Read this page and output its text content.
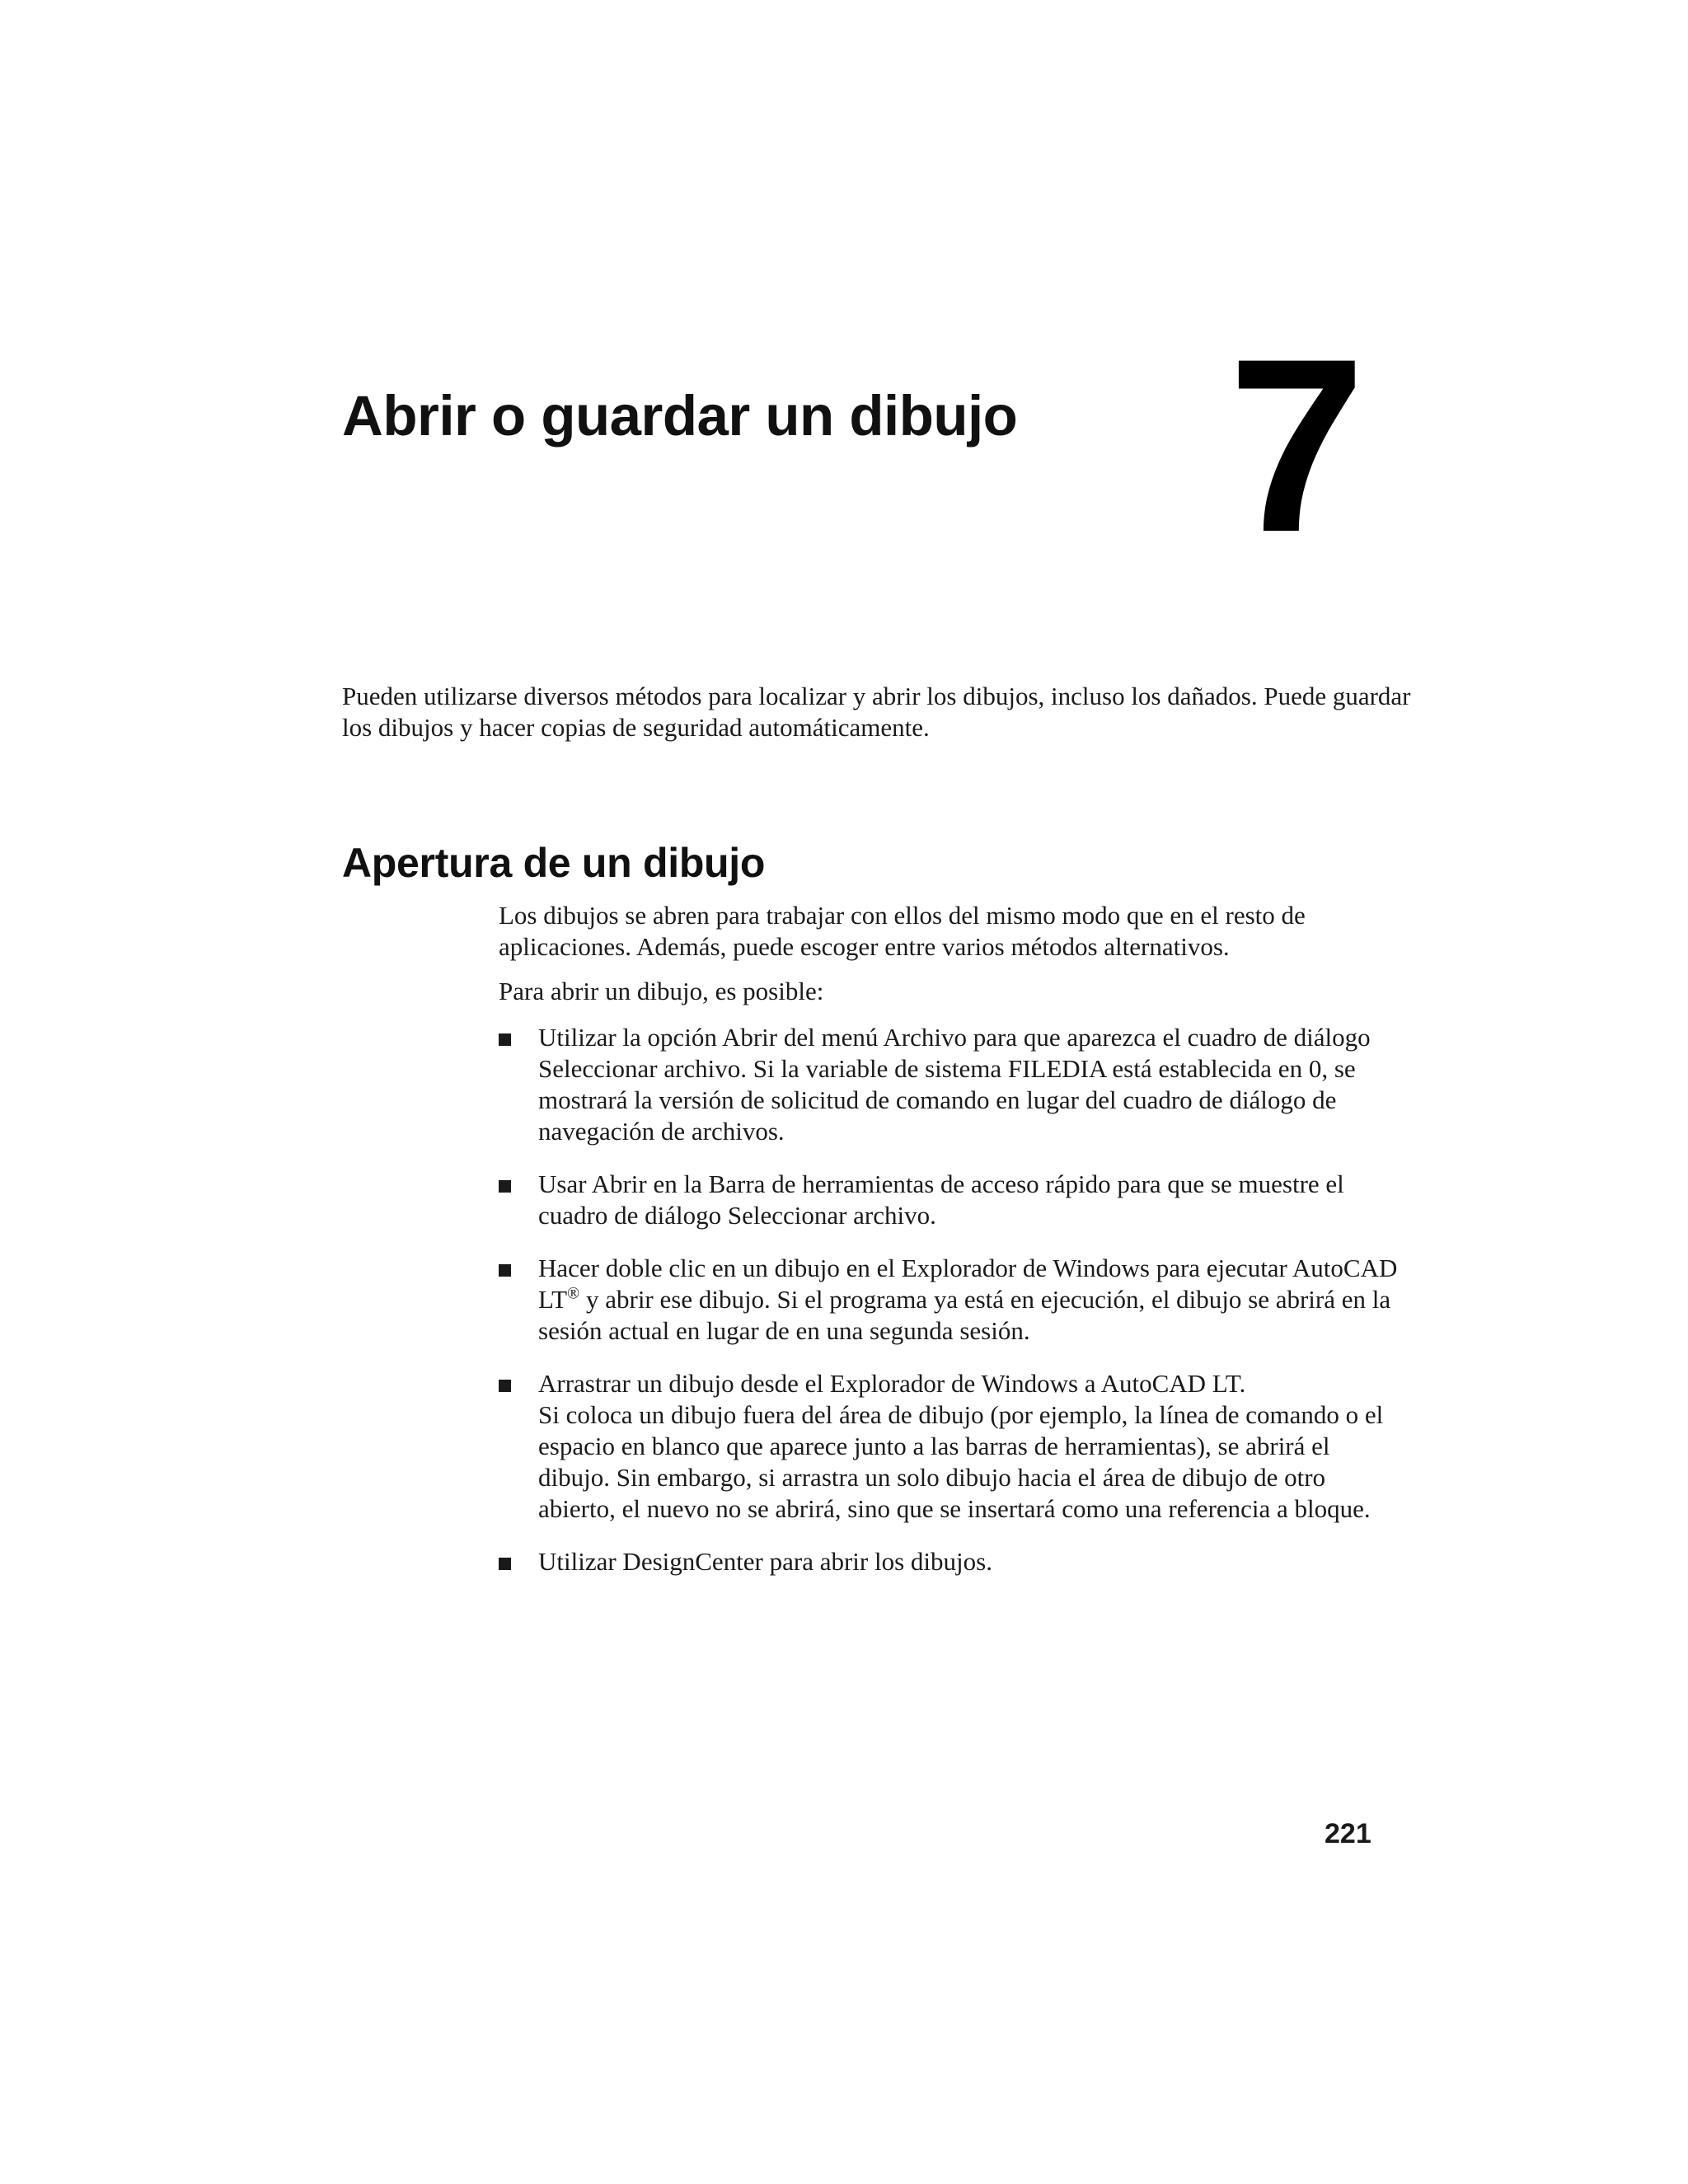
Abrir o guardar un dibujo 7

Pueden utilizarse diversos métodos para localizar y abrir los dibujos, incluso los dañados. Puede guardar los dibujos y hacer copias de seguridad automáticamente.

Apertura de un dibujo

Los dibujos se abren para trabajar con ellos del mismo modo que en el resto de aplicaciones. Además, puede escoger entre varios métodos alternativos.

Para abrir un dibujo, es posible:

Utilizar la opción Abrir del menú Archivo para que aparezca el cuadro de diálogo Seleccionar archivo. Si la variable de sistema FILEDIA está establecida en 0, se mostrará la versión de solicitud de comando en lugar del cuadro de diálogo de navegación de archivos.
Usar Abrir en la Barra de herramientas de acceso rápido para que se muestre el cuadro de diálogo Seleccionar archivo.
Hacer doble clic en un dibujo en el Explorador de Windows para ejecutar AutoCAD LT® y abrir ese dibujo. Si el programa ya está en ejecución, el dibujo se abrirá en la sesión actual en lugar de en una segunda sesión.
Arrastrar un dibujo desde el Explorador de Windows a AutoCAD LT.
Si coloca un dibujo fuera del área de dibujo (por ejemplo, la línea de comando o el espacio en blanco que aparece junto a las barras de herramientas), se abrirá el dibujo. Sin embargo, si arrastra un solo dibujo hacia el área de dibujo de otro abierto, el nuevo no se abrirá, sino que se insertará como una referencia a bloque.
Utilizar DesignCenter para abrir los dibujos.
221
